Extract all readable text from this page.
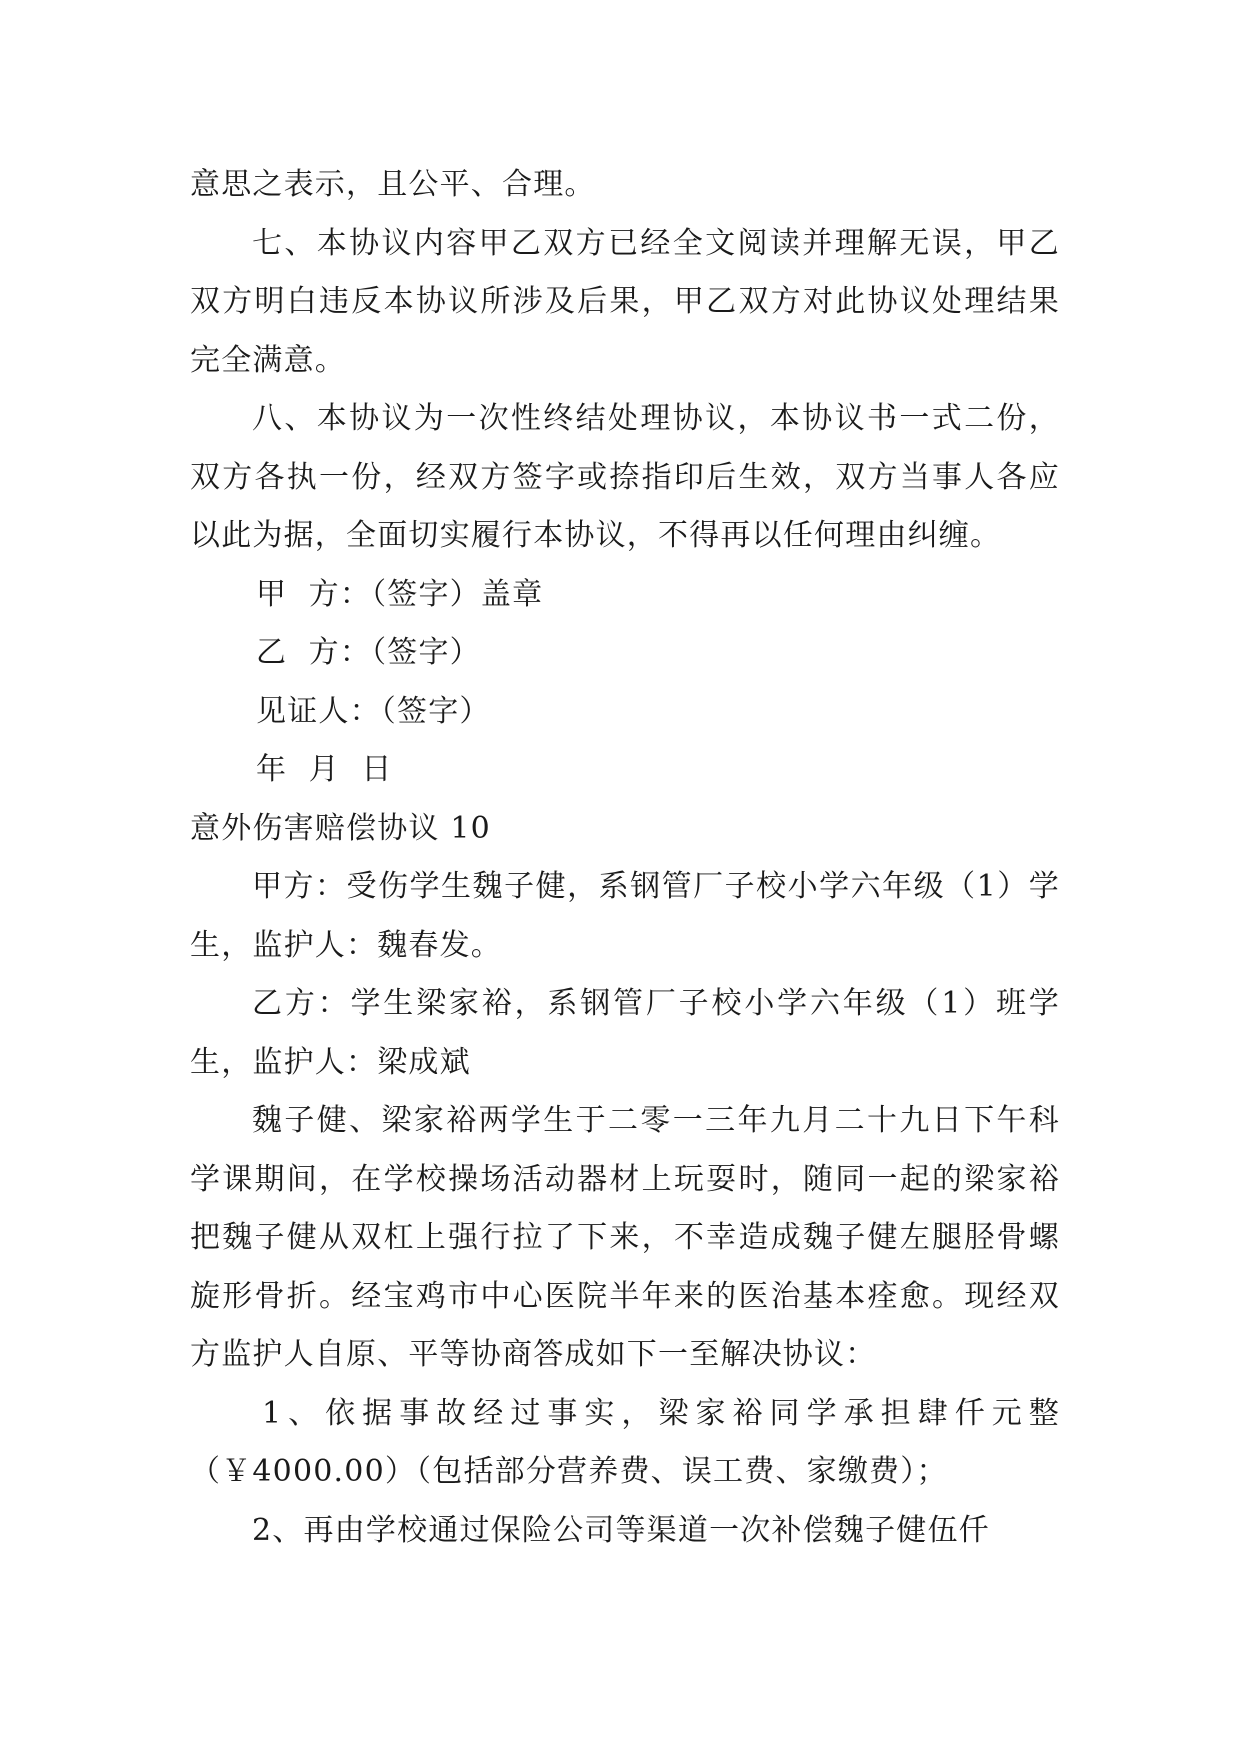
意思之表示，且公平、合理。

七、本协议内容甲乙双方已经全文阅读并理解无误，甲乙双方明白违反本协议所涉及后果，甲乙双方对此协议处理结果完全满意。

八、本协议为一次性终结处理协议，本协议书一式二份，双方各执一份，经双方签字或捺指印后生效，双方当事人各应以此为据，全面切实履行本协议，不得再以任何理由纠缠。

甲  方：（签字）盖章

乙  方：（签字）

见证人：（签字）

年  月  日

意外伤害赔偿协议 10

甲方：受伤学生魏子健，系钢管厂子校小学六年级（1）学生，监护人：魏春发。

乙方：学生梁家裕，系钢管厂子校小学六年级（1）班学生，监护人：梁成斌

魏子健、梁家裕两学生于二零一三年九月二十九日下午科学课期间，在学校操场活动器材上玩耍时，随同一起的梁家裕把魏子健从双杠上强行拉了下来，不幸造成魏子健左腿胫骨螺旋形骨折。经宝鸡市中心医院半年来的医治基本痊愈。现经双方监护人自原、平等协商答成如下一至解决协议：

1、依据事故经过事实，梁家裕同学承担肆仟元整（￥4000.00）（包括部分营养费、误工费、家缴费）；

2、再由学校通过保险公司等渠道一次补偿魏子健伍仟
